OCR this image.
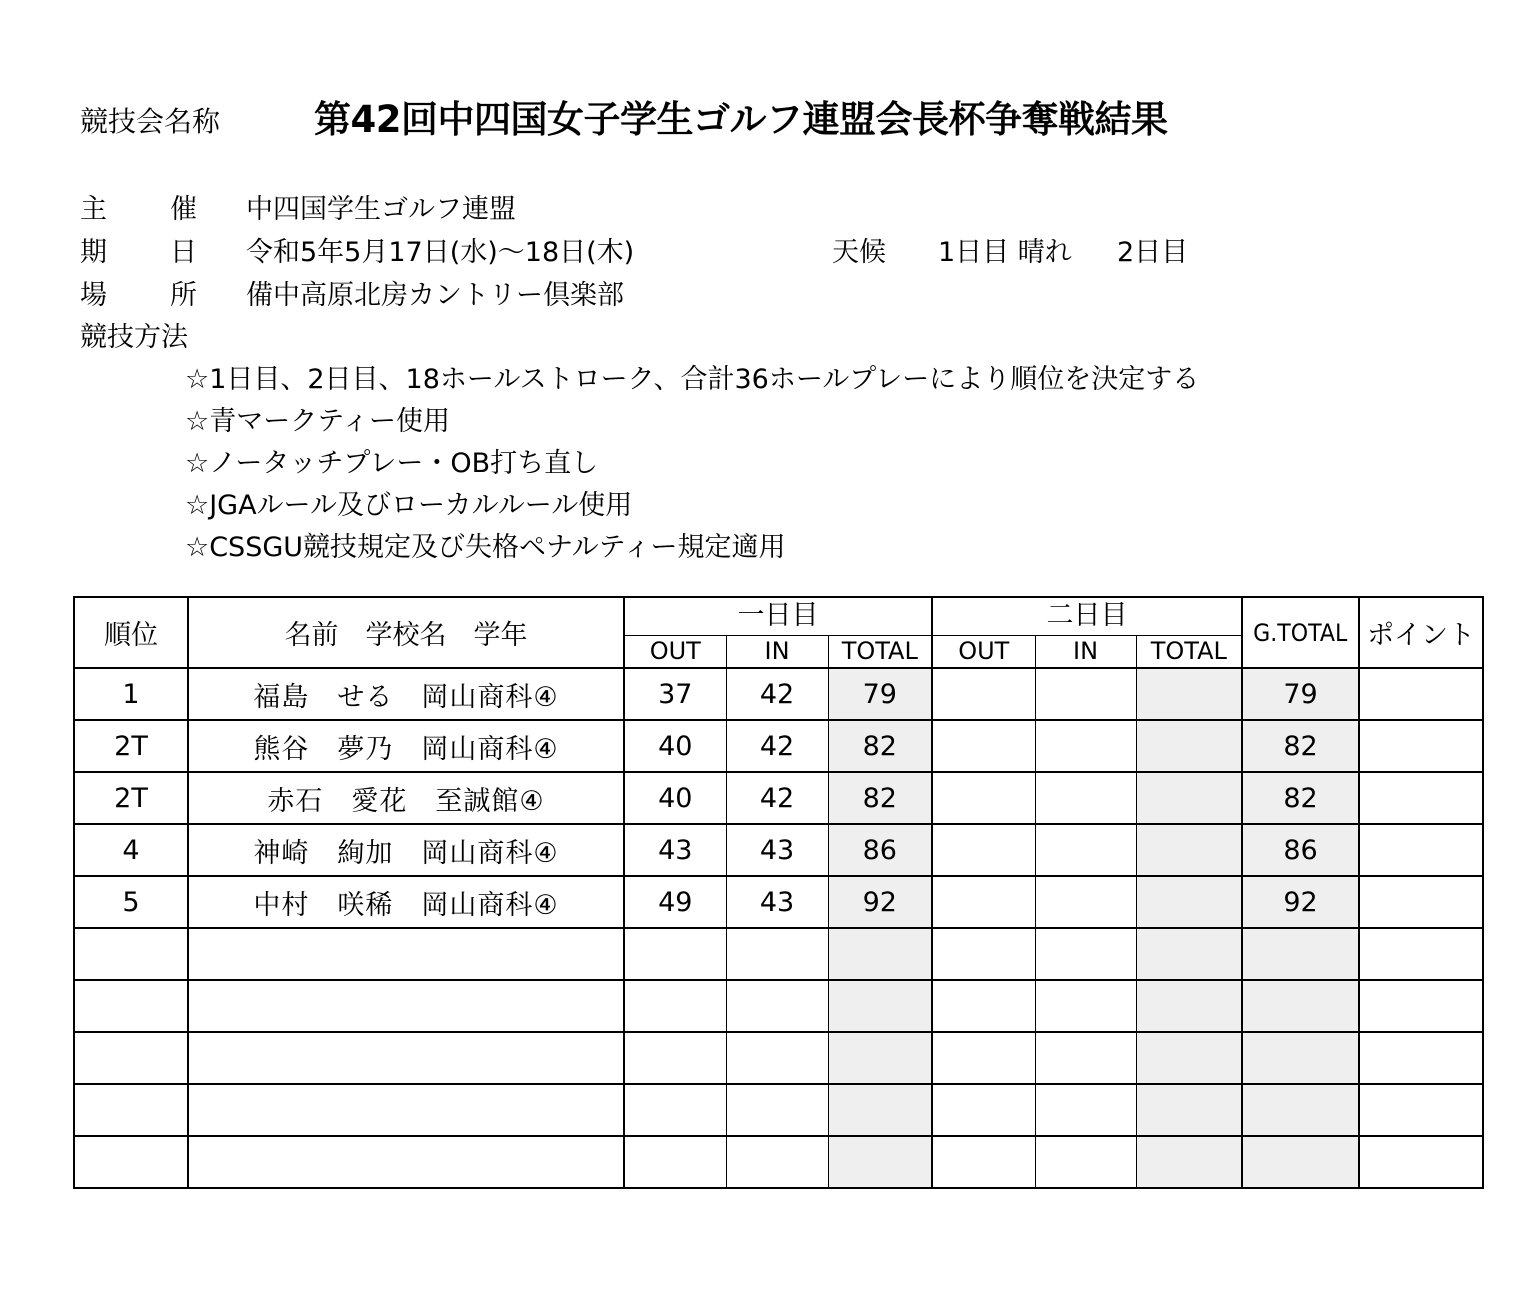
競技会名称	第42回中四国女子学生ゴルフ連盟会長杯争奪戦結果
主 催 中四国学生ゴルフ連盟
期 日 令和5年5月17日(水)～18日(木)	天候 1日目 晴れ 2日目
場 所 備中高原北房カントリー倶楽部
競技方法
☆1日目、2日目、18ホールストローク、合計36ホールプレーにより順位を決定する
☆青マークティー使用
☆ノータッチプレー・OB打ち直し
☆JGAルール及びローカルルール使用
☆CSSGU競技規定及び失格ペナルティー規定適用
順位	名前　学校名　学年	一日目			二日目			G.TOTAL	ポイント
		OUT	IN	TOTAL	OUT	IN	TOTAL		
1	福島　せる　岡山商科④	37	42	79				79	
2T	熊谷　夢乃　岡山商科④	40	42	82				82	
2T	赤石　愛花　至誠館④	40	42	82				82	
4	神崎　絢加　岡山商科④	43	43	86				86	
5	中村　咲稀　岡山商科④	49	43	92				92	
